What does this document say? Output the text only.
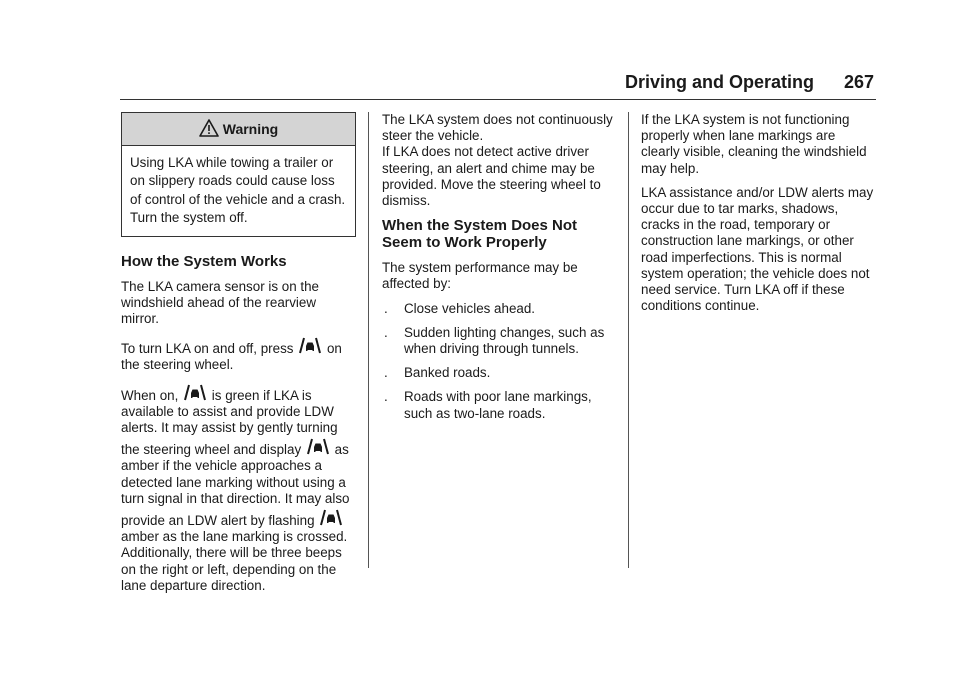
Driving and Operating 267
Warning
Using LKA while towing a trailer or on slippery roads could cause loss of control of the vehicle and a crash. Turn the system off.
How the System Works

The LKA camera sensor is on the windshield ahead of the rearview mirror.

To turn LKA on and off, press on the steering wheel.

When on, is green if LKA is available to assist and provide LDW alerts. It may assist by gently turning the steering wheel and display as amber if the vehicle approaches a detected lane marking without using a turn signal in that direction. It may also provide an LDW alert by flashing  amber as the lane marking is crossed. Additionally, there will be three beeps on the right or left, depending on the lane departure direction.

The LKA system does not continuously steer the vehicle.

If LKA does not detect active driver steering, an alert and chime may be provided. Move the steering wheel to dismiss.

When the System Does Not Seem to Work Properly

The system performance may be affected by:

. Close vehicles ahead.
. Sudden lighting changes, such as when driving through tunnels.
. Banked roads.
. Roads with poor lane markings, such as two-lane roads.

If the LKA system is not functioning properly when lane markings are clearly visible, cleaning the windshield may help.

LKA assistance and/or LDW alerts may occur due to tar marks, shadows, cracks in the road, temporary or construction lane markings, or other road imperfections. This is normal system operation; the vehicle does not need service. Turn LKA off if these conditions continue.
